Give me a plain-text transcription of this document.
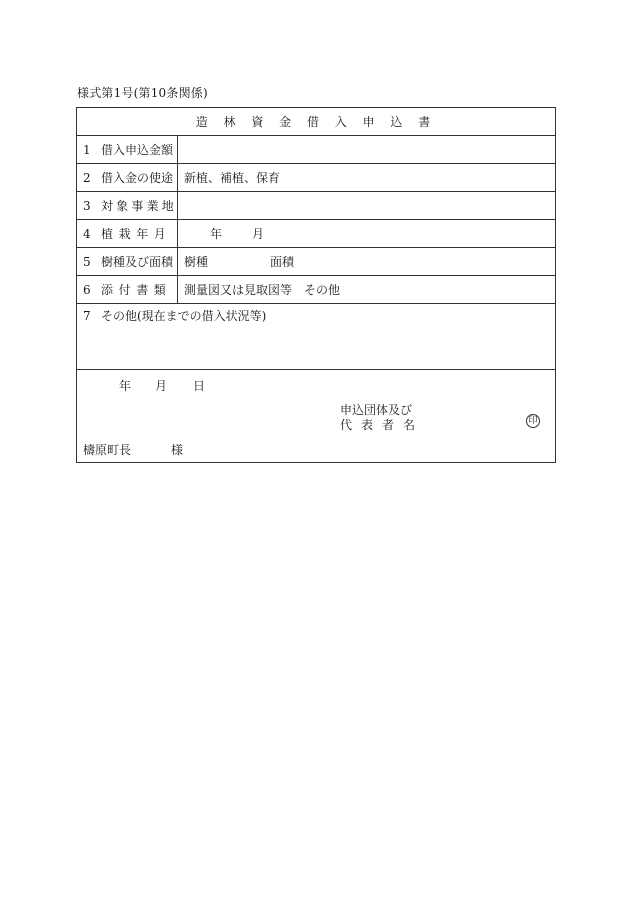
様式第1号(第10条関係)
造 林 資 金 借 入 申 込 書
1 借入申込金額
2 借入金の使途 新植、補植、保育
3 対象事業地
4 植栽年月	年	月
5 樹種及び面積 樹種	面積
6 添付書類	測量図又は見取図等　その他
7 その他(現在までの借入状況等)
年 月 日
申込団体及び
代表者名	印
檮原町長	様
